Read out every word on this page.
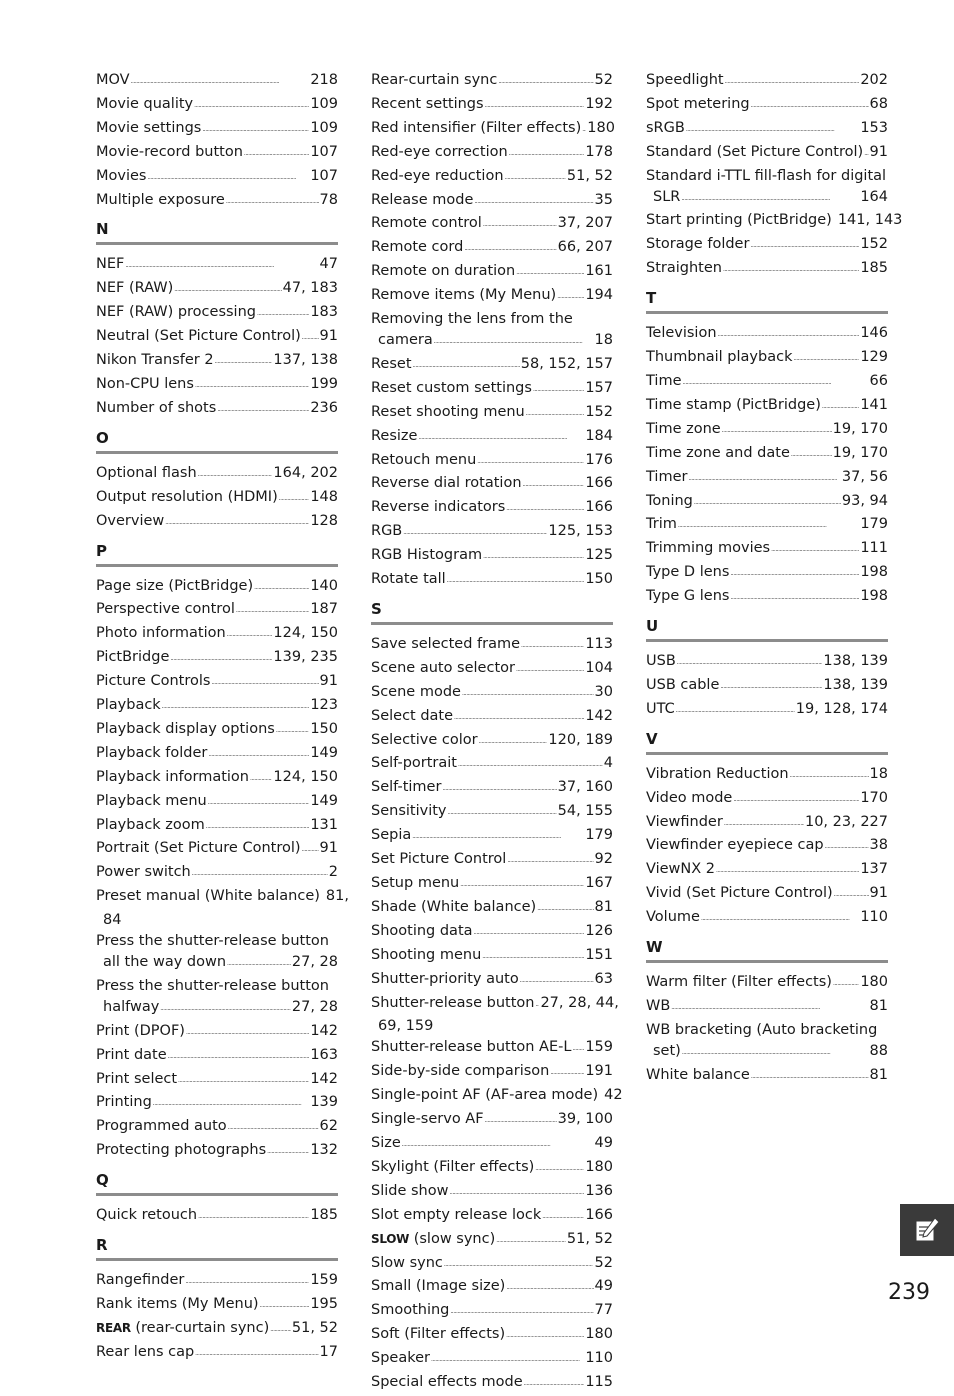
MOV . . .	218
Movie quality . . .	109
Movie settings . . .	109
Movie-record button . . .	107
Movies . . .	107
Multiple exposure . . .	78
N
NEF . . .	47
NEF (RAW) . . .	47, 183
NEF (RAW) processing . . .	183
Neutral (Set Picture Control) . . . 91
Nikon Transfer 2 . . .	137, 138
Non-CPU lens . . .	199
Number of shots . . .	236
O
Optional flash . . .	164, 202
Output resolution (HDMI) . . . 148
Overview . . .	128
P
Page size (PictBridge) . . .	140
Perspective control . . .	187
Photo information . . .	124, 150
PictBridge . . .	139, 235
Picture Controls . . .	91
Playback . . .	123
Playback display options . . . 150
Playback folder . . .	149
Playback information . . . 124, 150
Playback menu . . .	149
Playback zoom . . .	131
Portrait (Set Picture Control) . . . 91
Power switch . . .	2
Preset manual (White balance) 81,
84
Press the shutter-release button
all the way down . . .	27, 28
Press the shutter-release button
halfway . . .	27, 28
Print (DPOF) . . .	142
Print date . . .	163
Print select . . .	142
Printing . . .	139
Programmed auto . . .	62
Protecting photographs . . .	132
Q
Quick retouch . . .	185
R
Rangefinder . . .	159
Rank items (My Menu) . . .	195
REAR (rear-curtain sync) . . . 51, 52
Rear lens cap . . .	17
Rear-curtain sync . . .	52
Recent settings . . .	192
Red intensifier (Filter effects) . . . 180
Red-eye correction . . .	178
Red-eye reduction . . .	51, 52
Release mode . . .	35
Remote control . . .	37, 207
Remote cord . . .	66, 207
Remote on duration . . .	161
Remove items (My Menu) . . . 194
Removing the lens from the
camera . . .	18
Reset . . .	58, 152, 157
Reset custom settings . . .	157
Reset shooting menu . . .	152
Resize . . .	184
Retouch menu . . .	176
Reverse dial rotation . . .	166
Reverse indicators . . .	166
RGB . . .	125, 153
RGB Histogram . . .	125
Rotate tall . . .	150
S
Save selected frame . . .	113
Scene auto selector . . .	104
Scene mode . . .	30
Select date . . .	142
Selective color . . .	120, 189
Self-portrait . . .	4
Self-timer . . .	37, 160
Sensitivity . . .	54, 155
Sepia . . .	179
Set Picture Control . . .	92
Setup menu . . .	167
Shade (White balance) . . .	81
Shooting data . . .	126
Shooting menu . . .	151
Shutter-priority auto . . .	63
Shutter-release button . . . 27, 28, 44,
69, 159
Shutter-release button AE-L . . . 159
Side-by-side comparison . . . 191
Single-point AF (AF-area mode) 42
Single-servo AF . . .	39, 100
Size . . .	49
Skylight (Filter effects) . . .	180
Slide show . . .	136
Slot empty release lock . . .	166
SLOW (slow sync) . . .	51, 52
Slow sync . . .	52
Small (Image size) . . .	49
Smoothing . . .	77
Soft (Filter effects) . . .	180
Speaker . . .	110
Special effects mode . . .	115
Speedlight . . .	202
Spot metering . . .	68
sRGB . . .	153
Standard (Set Picture Control) . . . 91
Standard i-TTL fill-flash for digital
SLR . . .	164
Start printing (PictBridge) 141, 143
Storage folder . . .	152
Straighten . . .	185
T
Television . . .	146
Thumbnail playback . . .	129
Time . . .	66
Time stamp (PictBridge) . . .	141
Time zone . . .	19, 170
Time zone and date . . .	19, 170
Timer . . .	37, 56
Toning . . .	93, 94
Trim . . .	179
Trimming movies . . .	111
Type D lens . . .	198
Type G lens . . .	198
U
USB . . .	138, 139
USB cable . . .	138, 139
UTC . . .	19, 128, 174
V
Vibration Reduction . . .	18
Video mode . . .	170
Viewfinder . . .	10, 23, 227
Viewfinder eyepiece cap . . .	38
ViewNX 2 . . .	137
Vivid (Set Picture Control) . . .	91
Volume . . .	110
W
Warm filter (Filter effects) . . . 180
WB . . .	81
WB bracketing (Auto bracketing
set) . . .	88
White balance . . .	81
239
